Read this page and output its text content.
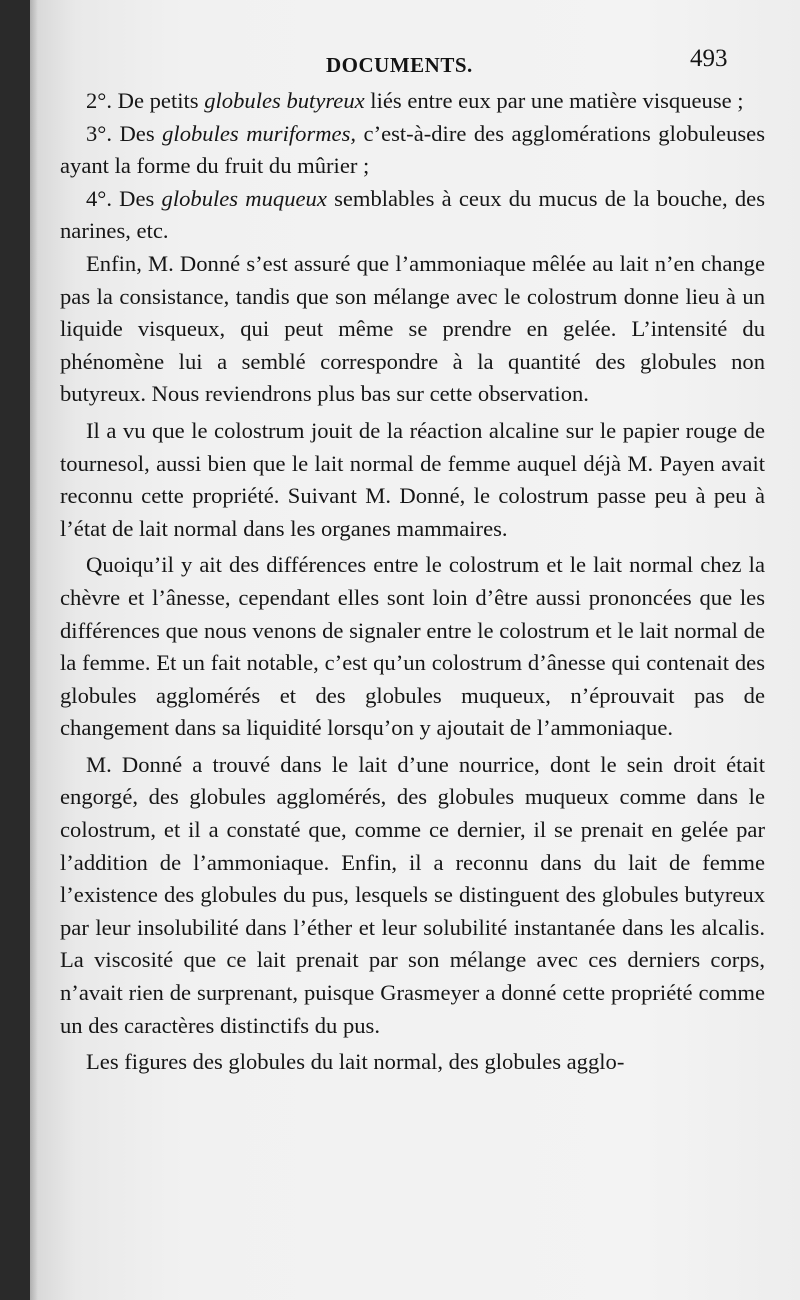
DOCUMENTS.	493

2°. De petits globules butyreux liés entre eux par une matière visqueuse ;

3°. Des globules muriformes, c’est-à-dire des agglomérations globuleuses ayant la forme du fruit du mûrier ;

4°. Des globules muqueux semblables à ceux du mucus de la bouche, des narines, etc.

Enfin, M. Donné s’est assuré que l’ammoniaque mêlée au lait n’en change pas la consistance, tandis que son mélange avec le colostrum donne lieu à un liquide visqueux, qui peut même se prendre en gelée. L’intensité du phénomène lui a semblé correspondre à la quantité des globules non butyreux. Nous reviendrons plus bas sur cette observation.

Il a vu que le colostrum jouit de la réaction alcaline sur le papier rouge de tournesol, aussi bien que le lait normal de femme auquel déjà M. Payen avait reconnu cette propriété. Suivant M. Donné, le colostrum passe peu à peu à l’état de lait normal dans les organes mammaires.

Quoiqu’il y ait des différences entre le colostrum et le lait normal chez la chèvre et l’ânesse, cependant elles sont loin d’être aussi prononcées que les différences que nous venons de signaler entre le colostrum et le lait normal de la femme. Et un fait notable, c’est qu’un colostrum d’ânesse qui contenait des globules agglomérés et des globules muqueux, n’éprouvait pas de changement dans sa liquidité lorsqu’on y ajoutait de l’ammoniaque.

M. Donné a trouvé dans le lait d’une nourrice, dont le sein droit était engorgé, des globules agglomérés, des globules muqueux comme dans le colostrum, et il a constaté que, comme ce dernier, il se prenait en gelée par l’addition de l’ammoniaque. Enfin, il a reconnu dans du lait de femme l’existence des globules du pus, lesquels se distinguent des globules butyreux par leur insolubilité dans l’éther et leur solubilité instantanée dans les alcalis. La viscosité que ce lait prenait par son mélange avec ces derniers corps, n’avait rien de surprenant, puisque Grasmeyer a donné cette propriété comme un des caractères distinctifs du pus.

Les figures des globules du lait normal, des globules agglo-
